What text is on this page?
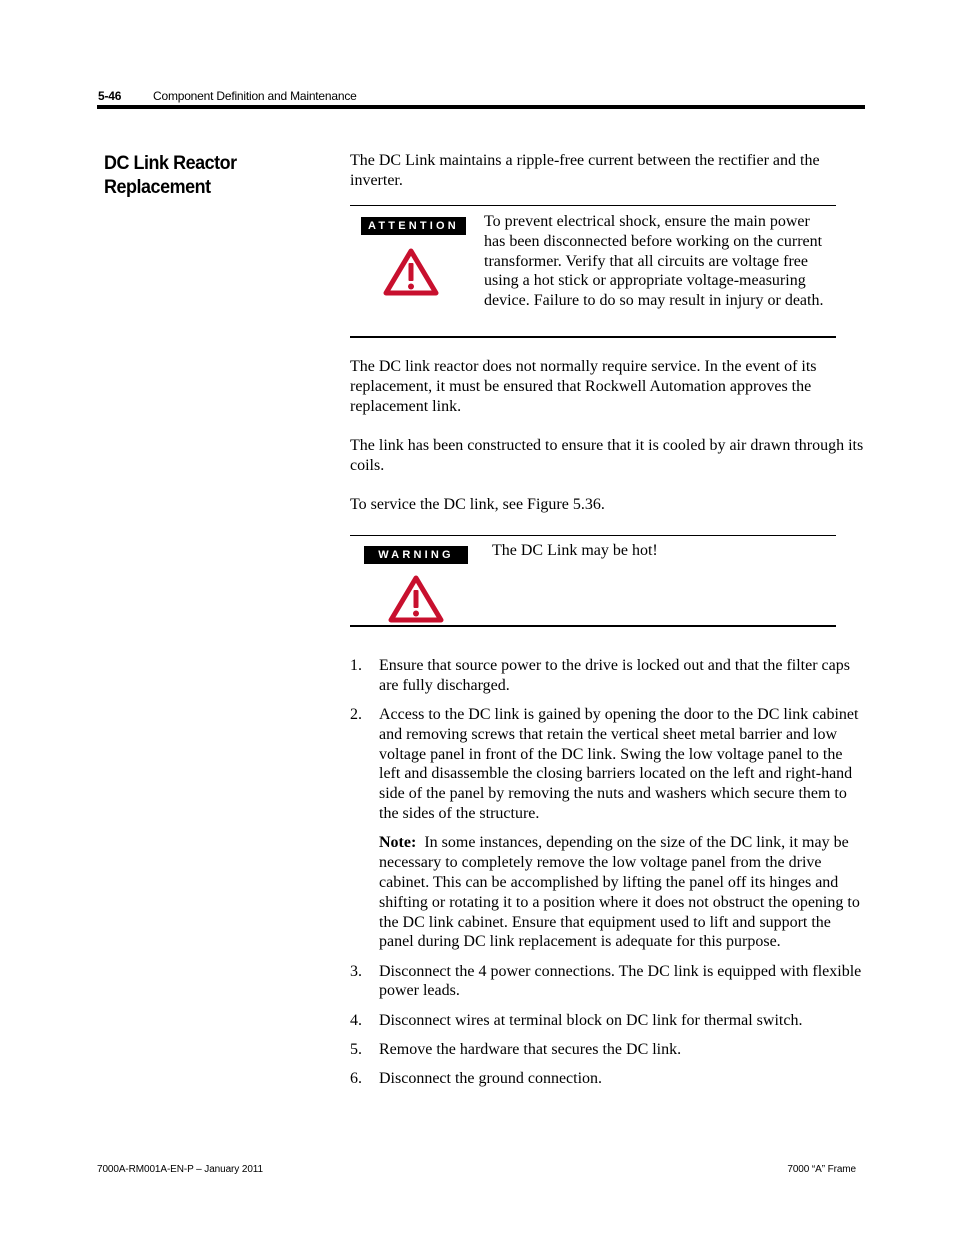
5-46	Component Definition and Maintenance
DC Link Reactor
Replacement

The DC Link maintains a ripple-free current between the rectifier and the inverter.

ATTENTION	To prevent electrical shock, ensure the main power has been disconnected before working on the current transformer. Verify that all circuits are voltage free using a hot stick or appropriate voltage-measuring device. Failure to do so may result in injury or death.

The DC link reactor does not normally require service. In the event of its replacement, it must be ensured that Rockwell Automation approves the replacement link.

The link has been constructed to ensure that it is cooled by air drawn through its coils.

To service the DC link, see Figure 5.36.

WARNING	The DC Link may be hot!
1. Ensure that source power to the drive is locked out and that the filter caps are fully discharged.
2. Access to the DC link is gained by opening the door to the DC link cabinet and removing screws that retain the vertical sheet metal barrier and low voltage panel in front of the DC link. Swing the low voltage panel to the left and disassemble the closing barriers located on the left and right-hand side of the panel by removing the nuts and washers which secure them to the sides of the structure.
Note: In some instances, depending on the size of the DC link, it may be necessary to completely remove the low voltage panel from the drive cabinet. This can be accomplished by lifting the panel off its hinges and shifting or rotating it to a position where it does not obstruct the opening to the DC link cabinet. Ensure that equipment used to lift and support the panel during DC link replacement is adequate for this purpose.
3. Disconnect the 4 power connections. The DC link is equipped with flexible power leads.
4. Disconnect wires at terminal block on DC link for thermal switch.
5. Remove the hardware that secures the DC link.
6. Disconnect the ground connection.
7000A-RM001A-EN-P – January 2011	7000 “A” Frame
